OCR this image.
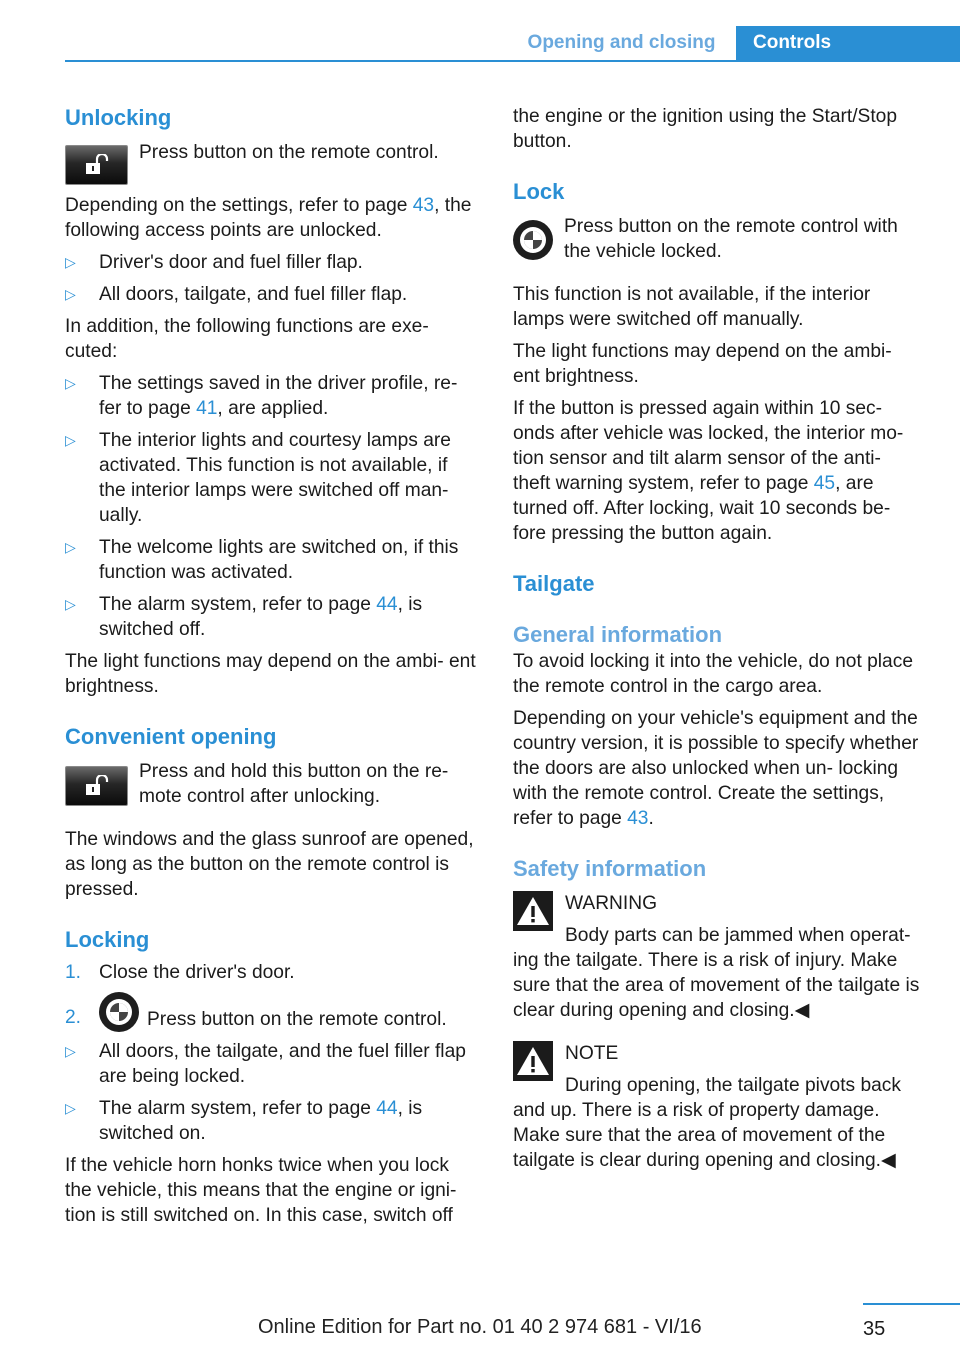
Opening and closing	Controls
Unlocking
Press button on the remote control.

Depending on the settings, refer to page 43, the following access points are unlocked.

▷	Driver's door and fuel filler flap.
▷	All doors, tailgate, and fuel filler flap.

In addition, the following functions are exe‐ cuted:

▷	The settings saved in the driver profile, re‐ fer to page 41, are applied.
▷	The interior lights and courtesy lamps are activated. This function is not available, if the interior lamps were switched off man‐ ually.
▷	The welcome lights are switched on, if this function was activated.
▷	The alarm system, refer to page 44, is switched off.

The light functions may depend on the ambi‐ ent brightness.

Convenient opening
Press and hold this button on the re‐ mote control after unlocking.

The windows and the glass sunroof are opened, as long as the button on the remote control is pressed.

Locking
1. Close the driver's door.
2.	Press button on the remote control.
▷	All doors, the tailgate, and the fuel filler flap are being locked.
▷	The alarm system, refer to page 44, is switched on.

If the vehicle horn honks twice when you lock the vehicle, this means that the engine or igni‐ tion is still switched on. In this case, switch off

the engine or the ignition using the Start/Stop button.

Lock
Press button on the remote control with the vehicle locked.

This function is not available, if the interior lamps were switched off manually.

The light functions may depend on the ambi‐ ent brightness.

If the button is pressed again within 10 sec‐ onds after vehicle was locked, the interior mo‐ tion sensor and tilt alarm sensor of the anti- theft warning system, refer to page 45, are turned off. After locking, wait 10 seconds be‐ fore pressing the button again.

Tailgate
General information

To avoid locking it into the vehicle, do not place the remote control in the cargo area.

Depending on your vehicle's equipment and the country version, it is possible to specify whether the doors are also unlocked when un‐ locking with the remote control. Create the settings, refer to page 43.

Safety information
WARNING
Body parts can be jammed when operat‐

ing the tailgate. There is a risk of injury. Make sure that the area of movement of the tailgate is clear during opening and closing.◀

NOTE
During opening, the tailgate pivots back

and up. There is a risk of property damage. Make sure that the area of movement of the tailgate is clear during opening and closing.◀

35
Online Edition for Part no. 01 40 2 974 681 - VI/16
